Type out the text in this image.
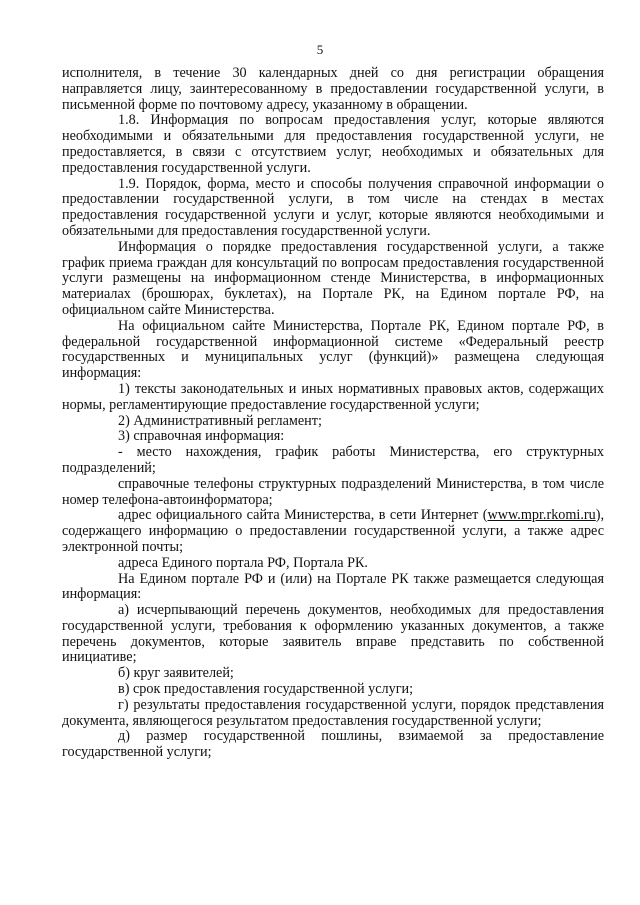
5

исполнителя, в течение 30 календарных дней со дня регистрации обращения направляется лицу, заинтересованному в предоставлении государственной услуги, в письменной форме по почтовому адресу, указанному в обращении.

1.8. Информация по вопросам предоставления услуг, которые являются необходимыми и обязательными для предоставления государственной услуги, не предоставляется, в связи с отсутствием услуг, необходимых и обязательных для предоставления государственной услуги.

1.9. Порядок, форма, место и способы получения справочной информации о предоставлении государственной услуги, в том числе на стендах в местах предоставления государственной услуги и услуг, которые являются необходимыми и обязательными для предоставления государственной услуги.

Информация о порядке предоставления государственной услуги, а также график приема граждан для консультаций по вопросам предоставления государственной услуги размещены на информационном стенде Министерства, в информационных материалах (брошюрах, буклетах), на Портале РК, на Едином портале РФ, на официальном сайте Министерства.

На официальном сайте Министерства, Портале РК, Едином портале РФ, в федеральной государственной информационной системе «Федеральный реестр государственных и муниципальных услуг (функций)» размещена следующая информация:

1) тексты законодательных и иных нормативных правовых актов, содержащих нормы, регламентирующие предоставление государственной услуги;

2) Административный регламент;

3) справочная информация:

- место нахождения, график работы Министерства, его структурных подразделений;

справочные телефоны структурных подразделений Министерства, в том числе номер телефона-автоинформатора;

адрес официального сайта Министерства, в сети Интернет (www.mpr.rkomi.ru), содержащего информацию о предоставлении государственной услуги, а также адрес электронной почты;

адреса Единого портала РФ, Портала РК.

На Едином портале РФ и (или) на Портале РК также размещается следующая информация:

а) исчерпывающий перечень документов, необходимых для предоставления государственной услуги, требования к оформлению указанных документов, а также перечень документов, которые заявитель вправе представить по собственной инициативе;

б) круг заявителей;

в) срок предоставления государственной услуги;

г) результаты предоставления государственной услуги, порядок представления документа, являющегося результатом предоставления государственной услуги;

д) размер государственной пошлины, взимаемой за предоставление государственной услуги;
